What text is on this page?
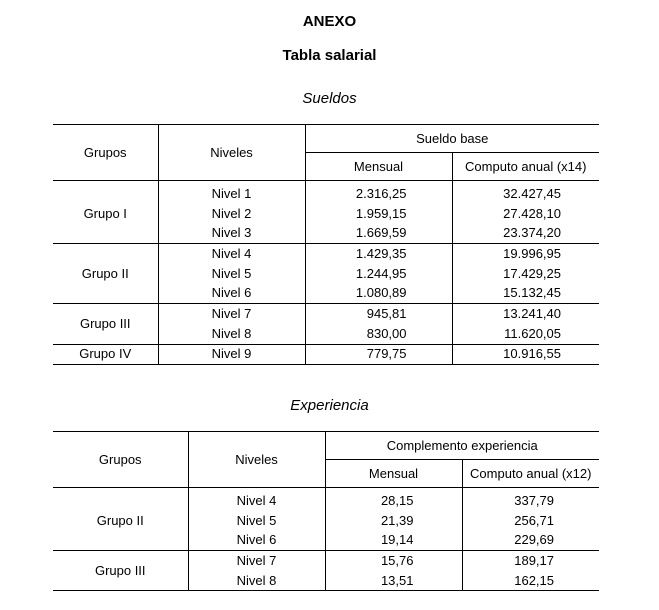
ANEXO
Tabla salarial
Sueldos
Grupos	Niveles	Sueldo base	
		Mensual	Computo anual (x14)
Grupo I	Nivel 1	2.316,25	32.427,45
	Nivel 2	1.959,15	27.428,10
	Nivel 3	1.669,59	23.374,20
Grupo II	Nivel 4	1.429,35	19.996,95
	Nivel 5	1.244,95	17.429,25
	Nivel 6	1.080,89	15.132,45
Grupo III	Nivel 7	945,81	13.241,40
	Nivel 8	830,00	11.620,05
Grupo IV	Nivel 9	779,75	10.916,55
Experiencia
Grupos	Niveles	Complemento experiencia	
		Mensual	Computo anual (x12)
Grupo II	Nivel 4	28,15	337,79
	Nivel 5	21,39	256,71
	Nivel 6	19,14	229,69
Grupo III	Nivel 7	15,76	189,17
	Nivel 8	13,51	162,15
